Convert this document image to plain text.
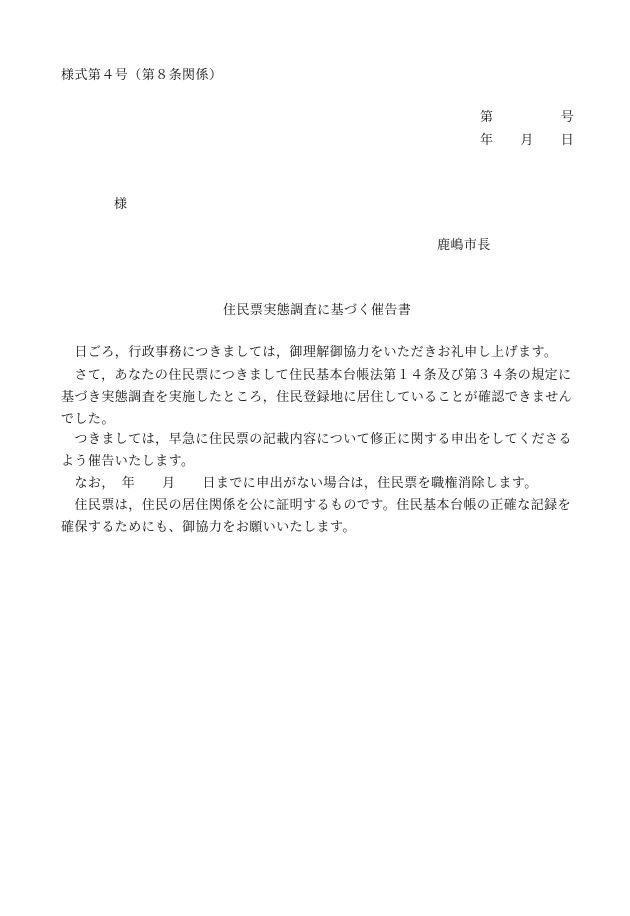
様式第４号（第８条関係）
第　　　　　号
年　　月　　日
様
鹿嶋市長
住民票実態調査に基づく催告書
　日ごろ，行政事務につきましては，御理解御協力をいただきお礼申し上げます。
　さて，あなたの住民票につきまして住民基本台帳法第１４条及び第３４条の規定に
基づき実態調査を実施したところ，住民登録地に居住していることが確認できません
でした。
　つきましては，早急に住民票の記載内容について修正に関する申出をしてくださる
よう催告いたします。
　なお，　年　　月　　日までに申出がない場合は，住民票を職権消除します。
　住民票は，住民の居住関係を公に証明するものです。住民基本台帳の正確な記録を
確保するためにも、御協力をお願いいたします。
